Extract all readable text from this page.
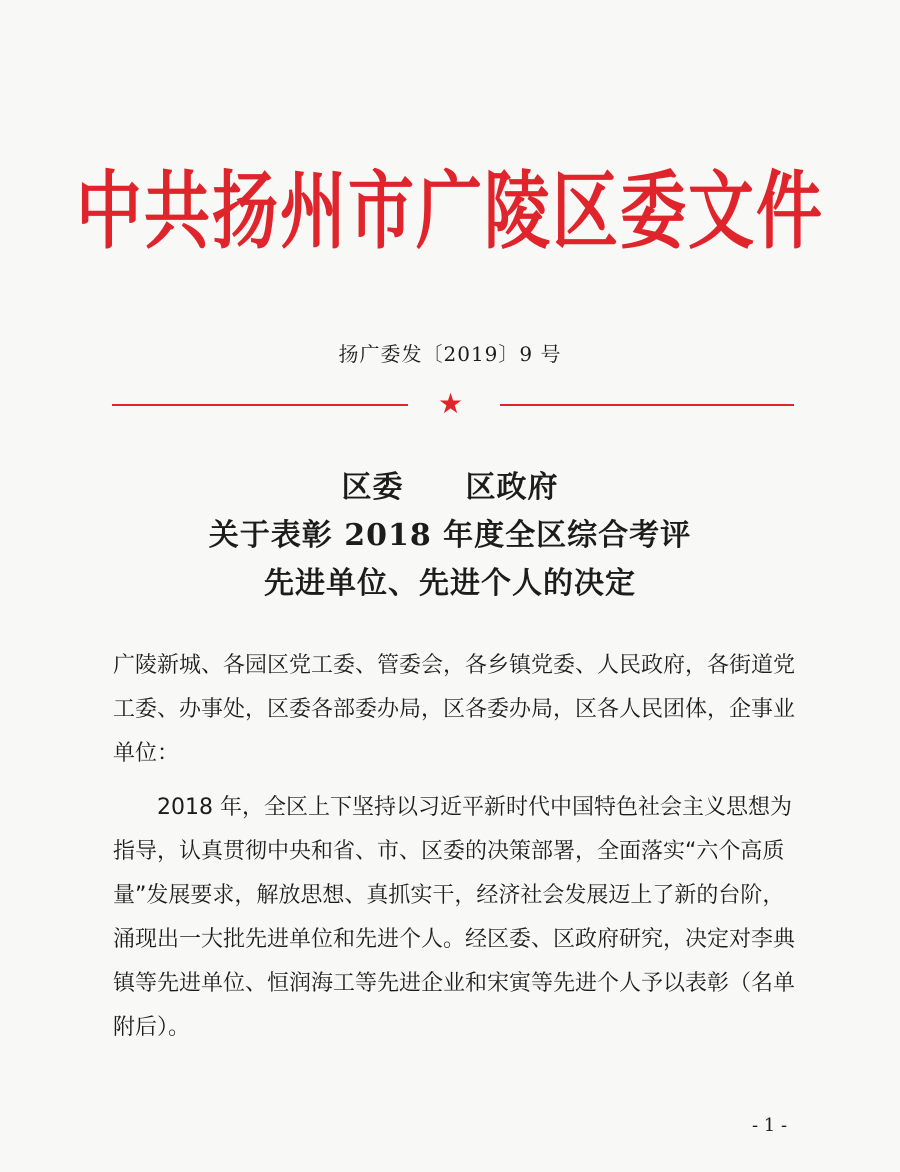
中共扬州市广陵区委文件
扬广委发〔2019〕9 号
★
区委　　区政府
关于表彰 2018 年度全区综合考评
先进单位、先进个人的决定
广陵新城、各园区党工委、管委会，各乡镇党委、人民政府，各街道党工委、办事处，区委各部委办局，区各委办局，区各人民团体，企事业单位：
2018 年，全区上下坚持以习近平新时代中国特色社会主义思想为指导，认真贯彻中央和省、市、区委的决策部署，全面落实“六个高质量”发展要求，解放思想、真抓实干，经济社会发展迈上了新的台阶，涌现出一大批先进单位和先进个人。经区委、区政府研究，决定对李典镇等先进单位、恒润海工等先进企业和宋寅等先进个人予以表彰（名单附后）。
- 1 -
